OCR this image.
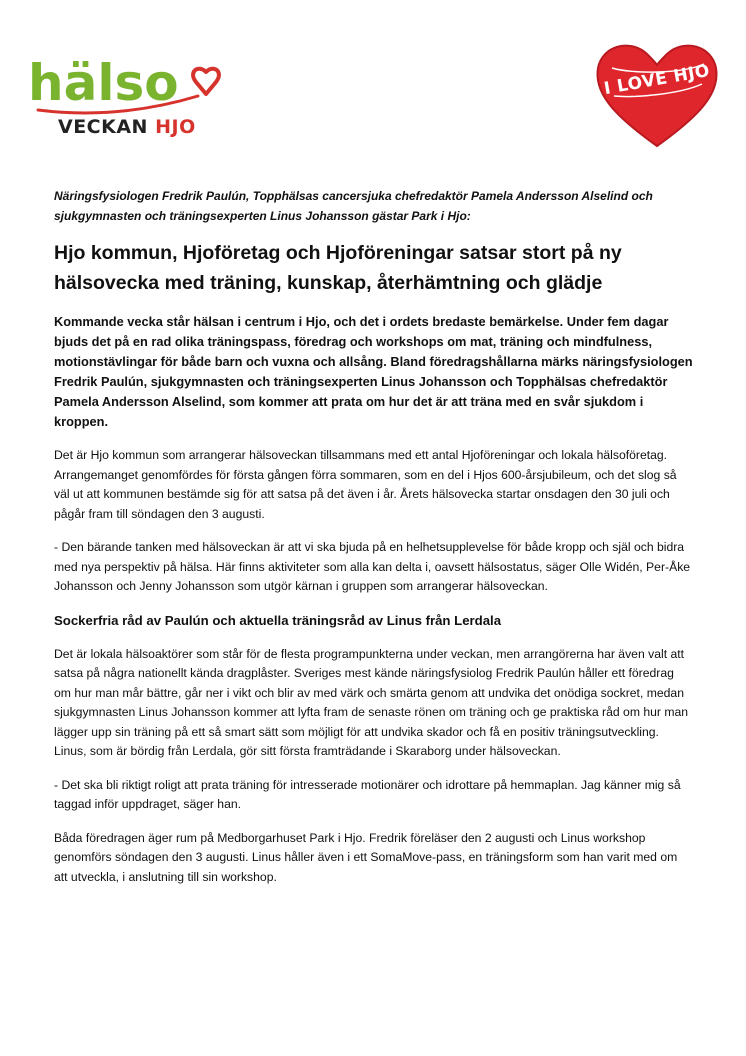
hälso
VECKAN HJO
I LOVE HJO

Näringsfysiologen Fredrik Paulún, Topphälsas cancersjuka chefredaktör Pamela Andersson Alselind och sjukgymnasten och träningsexperten Linus Johansson gästar Park i Hjo:

Hjo kommun, Hjoföretag och Hjoföreningar satsar stort på ny hälsovecka med träning, kunskap, återhämtning och glädje

Kommande vecka står hälsan i centrum i Hjo, och det i ordets bredaste bemärkelse. Under fem dagar bjuds det på en rad olika träningspass, föredrag och workshops om mat, träning och mindfulness, motionstävlingar för både barn och vuxna och allsång. Bland föredragshållarna märks näringsfysiologen Fredrik Paulún, sjukgymnasten och träningsexperten Linus Johansson och Topphälsas chefredaktör Pamela Andersson Alselind, som kommer att prata om hur det är att träna med en svår sjukdom i kroppen.

Det är Hjo kommun som arrangerar hälsoveckan tillsammans med ett antal Hjoföreningar och lokala hälsoföretag. Arrangemanget genomfördes för första gången förra sommaren, som en del i Hjos 600-årsjubileum, och det slog så väl ut att kommunen bestämde sig för att satsa på det även i år. Årets hälsovecka startar onsdagen den 30 juli och pågår fram till söndagen den 3 augusti.

- Den bärande tanken med hälsoveckan är att vi ska bjuda på en helhetsupplevelse för både kropp och själ och bidra med nya perspektiv på hälsa. Här finns aktiviteter som alla kan delta i, oavsett hälsostatus, säger Olle Widén, Per-Åke Johansson och Jenny Johansson som utgör kärnan i gruppen som arrangerar hälsoveckan.

Sockerfria råd av Paulún och aktuella träningsråd av Linus från Lerdala

Det är lokala hälsoaktörer som står för de flesta programpunkterna under veckan, men arrangörerna har även valt att satsa på några nationellt kända dragplåster. Sveriges mest kände näringsfysiolog Fredrik Paulún håller ett föredrag om hur man mår bättre, går ner i vikt och blir av med värk och smärta genom att undvika det onödiga sockret, medan sjukgymnasten Linus Johansson kommer att lyfta fram de senaste rönen om träning och ge praktiska råd om hur man lägger upp sin träning på ett så smart sätt som möjligt för att undvika skador och få en positiv träningsutveckling. Linus, som är bördig från Lerdala, gör sitt första framträdande i Skaraborg under hälsoveckan.

- Det ska bli riktigt roligt att prata träning för intresserade motionärer och idrottare på hemmaplan. Jag känner mig så taggad inför uppdraget, säger han.

Båda föredragen äger rum på Medborgarhuset Park i Hjo. Fredrik föreläser den 2 augusti och Linus workshop genomförs söndagen den 3 augusti. Linus håller även i ett SomaMove-pass, en träningsform som han varit med om att utveckla, i anslutning till sin workshop.
